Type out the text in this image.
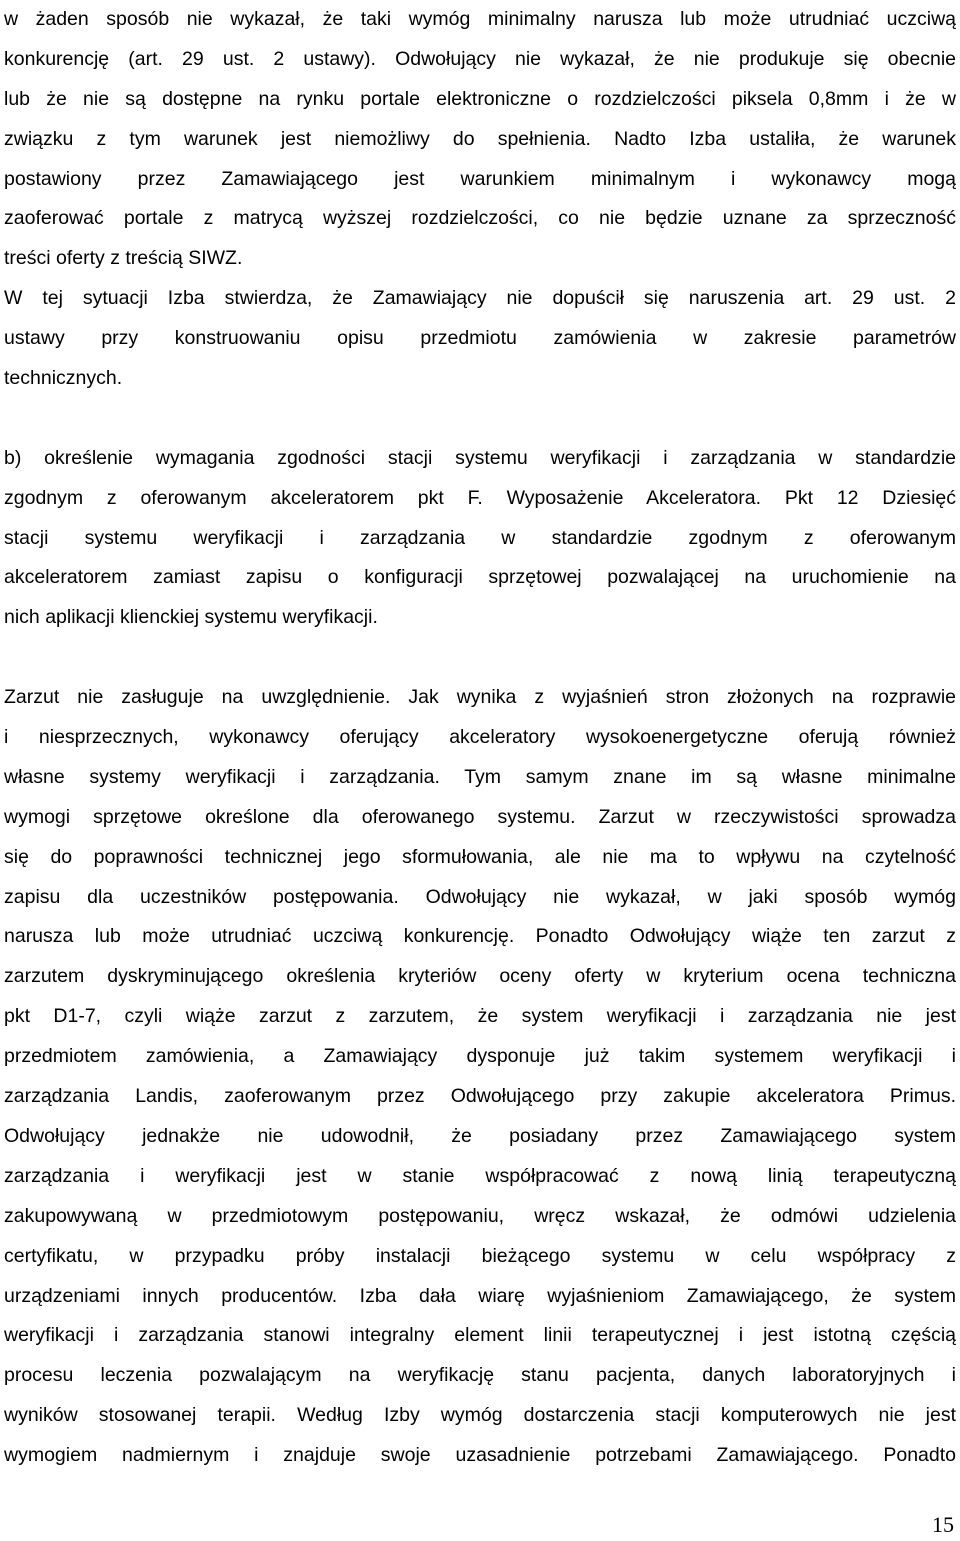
w żaden sposób nie wykazał, że taki wymóg minimalny narusza lub może utrudniać uczciwą
konkurencję (art. 29 ust. 2 ustawy). Odwołujący nie wykazał, że nie produkuje się obecnie
lub że nie są dostępne na rynku portale elektroniczne o rozdzielczości piksela 0,8mm i że w
związku z tym warunek jest niemożliwy do spełnienia. Nadto Izba ustaliła, że warunek
postawiony przez Zamawiającego jest warunkiem minimalnym i wykonawcy mogą
zaoferować portale z matrycą wyższej rozdzielczości, co nie będzie uznane za sprzeczność
treści oferty z treścią SIWZ.
W tej sytuacji Izba stwierdza, że Zamawiający nie dopuścił się naruszenia art. 29 ust. 2
ustawy przy konstruowaniu opisu przedmiotu zamówienia w zakresie parametrów
technicznych.
b) określenie wymagania zgodności stacji systemu weryfikacji i zarządzania w standardzie
zgodnym z oferowanym akceleratorem pkt F. Wyposażenie Akceleratora. Pkt 12 Dziesięć
stacji systemu weryfikacji i zarządzania w standardzie zgodnym z oferowanym
akceleratorem zamiast zapisu o konfiguracji sprzętowej pozwalającej na uruchomienie na
nich aplikacji klienckiej systemu weryfikacji.
Zarzut nie zasługuje na uwzględnienie. Jak wynika z wyjaśnień stron złożonych na rozprawie
i niesprzecznych, wykonawcy oferujący akceleratory wysokoenergetyczne oferują również
własne systemy weryfikacji i zarządzania. Tym samym znane im są własne minimalne
wymogi sprzętowe określone dla oferowanego systemu. Zarzut w rzeczywistości sprowadza
się do poprawności technicznej jego sformułowania, ale nie ma to wpływu na czytelność
zapisu dla uczestników postępowania. Odwołujący nie wykazał, w jaki sposób wymóg
narusza lub może utrudniać uczciwą konkurencję. Ponadto Odwołujący wiąże ten zarzut z
zarzutem dyskryminującego określenia kryteriów oceny oferty w kryterium ocena techniczna
pkt D1-7, czyli wiąże zarzut z zarzutem, że system weryfikacji i zarządzania nie jest
przedmiotem zamówienia, a Zamawiający dysponuje już takim systemem weryfikacji i
zarządzania Landis, zaoferowanym przez Odwołującego przy zakupie akceleratora Primus.
Odwołujący jednakże nie udowodnił, że posiadany przez Zamawiającego system
zarządzania i weryfikacji jest w stanie współpracować z nową linią terapeutyczną
zakupowywaną w przedmiotowym postępowaniu, wręcz wskazał, że odmówi udzielenia
certyfikatu, w przypadku próby instalacji bieżącego systemu w celu współpracy z
urządzeniami innych producentów. Izba dała wiarę wyjaśnieniom Zamawiającego, że system
weryfikacji i zarządzania stanowi integralny element linii terapeutycznej i jest istotną częścią
procesu leczenia pozwalającym na weryfikację stanu pacjenta, danych laboratoryjnych i
wyników stosowanej terapii. Według Izby wymóg dostarczenia stacji komputerowych nie jest
wymogiem nadmiernym i znajduje swoje uzasadnienie potrzebami Zamawiającego. Ponadto
15
